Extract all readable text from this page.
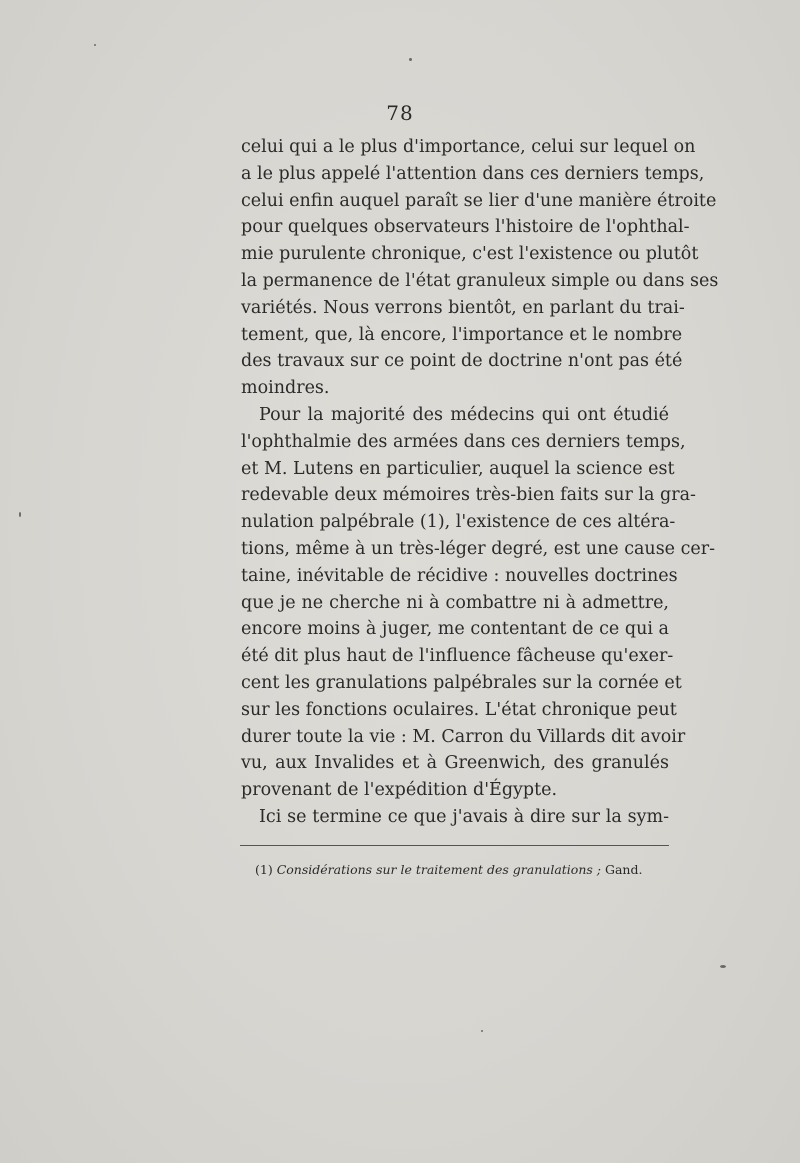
78
celui qui a le plus d'importance, celui sur lequel on
a le plus appelé l'attention dans ces derniers temps,
celui enfin auquel paraît se lier d'une manière étroite
pour quelques observateurs l'histoire de l'ophthal-
mie purulente chronique, c'est l'existence ou plutôt
la permanence de l'état granuleux simple ou dans ses
variétés. Nous verrons bientôt, en parlant du trai-
tement, que, là encore, l'importance et le nombre
des travaux sur ce point de doctrine n'ont pas été
moindres.
Pour la majorité des médecins qui ont étudié
l'ophthalmie des armées dans ces derniers temps,
et M. Lutens en particulier, auquel la science est
redevable deux mémoires très-bien faits sur la gra-
nulation palpébrale (1), l'existence de ces altéra-
tions, même à un très-léger degré, est une cause cer-
taine, inévitable de récidive : nouvelles doctrines
que je ne cherche ni à combattre ni à admettre,
encore moins à juger, me contentant de ce qui a
été dit plus haut de l'influence fâcheuse qu'exer-
cent les granulations palpébrales sur la cornée et
sur les fonctions oculaires. L'état chronique peut
durer toute la vie : M. Carron du Villards dit avoir
vu, aux Invalides et à Greenwich, des granulés
provenant de l'expédition d'Égypte.
Ici se termine ce que j'avais à dire sur la sym-
(1) Considérations sur le traitement des granulations ; Gand.
